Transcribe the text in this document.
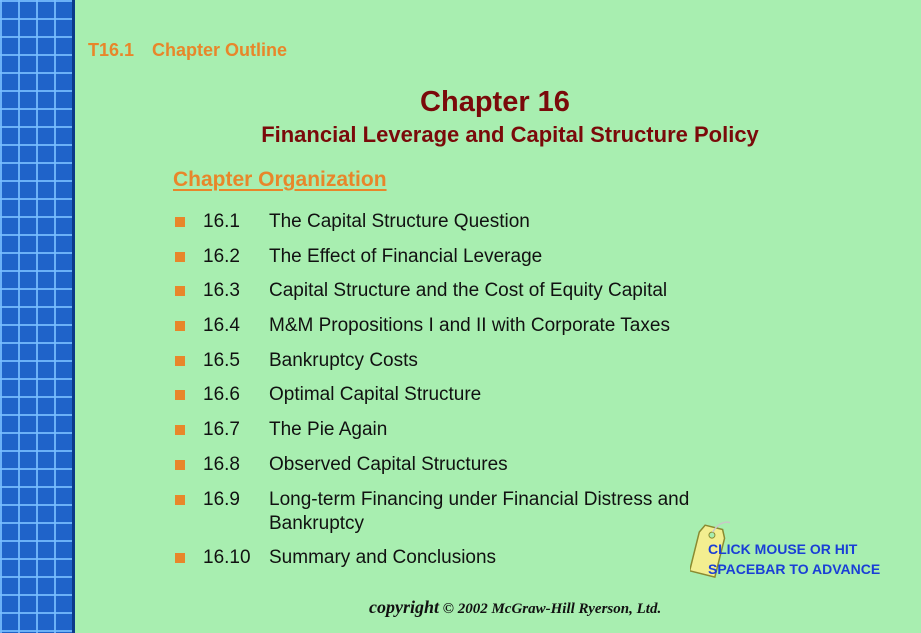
T16.1 Chapter Outline
Chapter 16
Financial Leverage and Capital Structure Policy
Chapter Organization
16.1 The Capital Structure Question
16.2 The Effect of Financial Leverage
16.3 Capital Structure and the Cost of Equity Capital
16.4 M&M Propositions I and II with Corporate Taxes
16.5 Bankruptcy Costs
16.6 Optimal Capital Structure
16.7 The Pie Again
16.8 Observed Capital Structures
16.9 Long-term Financing under Financial Distress and Bankruptcy
16.10 Summary and Conclusions	CLICK MOUSE OR HIT
SPACEBAR TO ADVANCE
copyright © 2002 McGraw-Hill Ryerson, Ltd.
